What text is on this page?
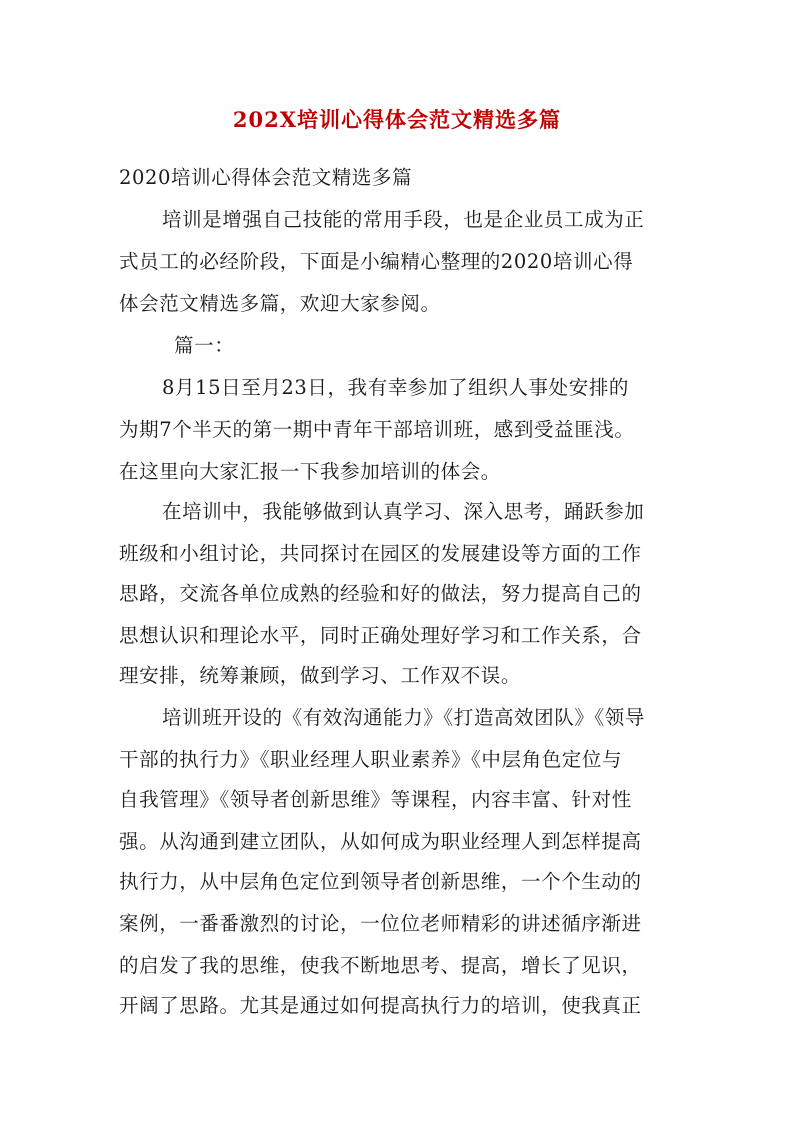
202X培训心得体会范文精选多篇
2020培训心得体会范文精选多篇
培训是增强自己技能的常用手段，也是企业员工成为正
式员工的必经阶段，下面是小编精心整理的2020培训心得
体会范文精选多篇，欢迎大家参阅。
篇一：
8月15日至月23日，我有幸参加了组织人事处安排的
为期7个半天的第一期中青年干部培训班，感到受益匪浅。
在这里向大家汇报一下我参加培训的体会。
在培训中，我能够做到认真学习、深入思考，踊跃参加
班级和小组讨论，共同探讨在园区的发展建设等方面的工作
思路，交流各单位成熟的经验和好的做法，努力提高自己的
思想认识和理论水平，同时正确处理好学习和工作关系，合
理安排，统筹兼顾，做到学习、工作双不误。
培训班开设的《有效沟通能力》《打造高效团队》《领导
干部的执行力》《职业经理人职业素养》《中层角色定位与
自我管理》《领导者创新思维》等课程，内容丰富、针对性
强。从沟通到建立团队，从如何成为职业经理人到怎样提高
执行力，从中层角色定位到领导者创新思维，一个个生动的
案例，一番番激烈的讨论，一位位老师精彩的讲述循序渐进
的启发了我的思维，使我不断地思考、提高，增长了见识，
开阔了思路。尤其是通过如何提高执行力的培训，使我真正
